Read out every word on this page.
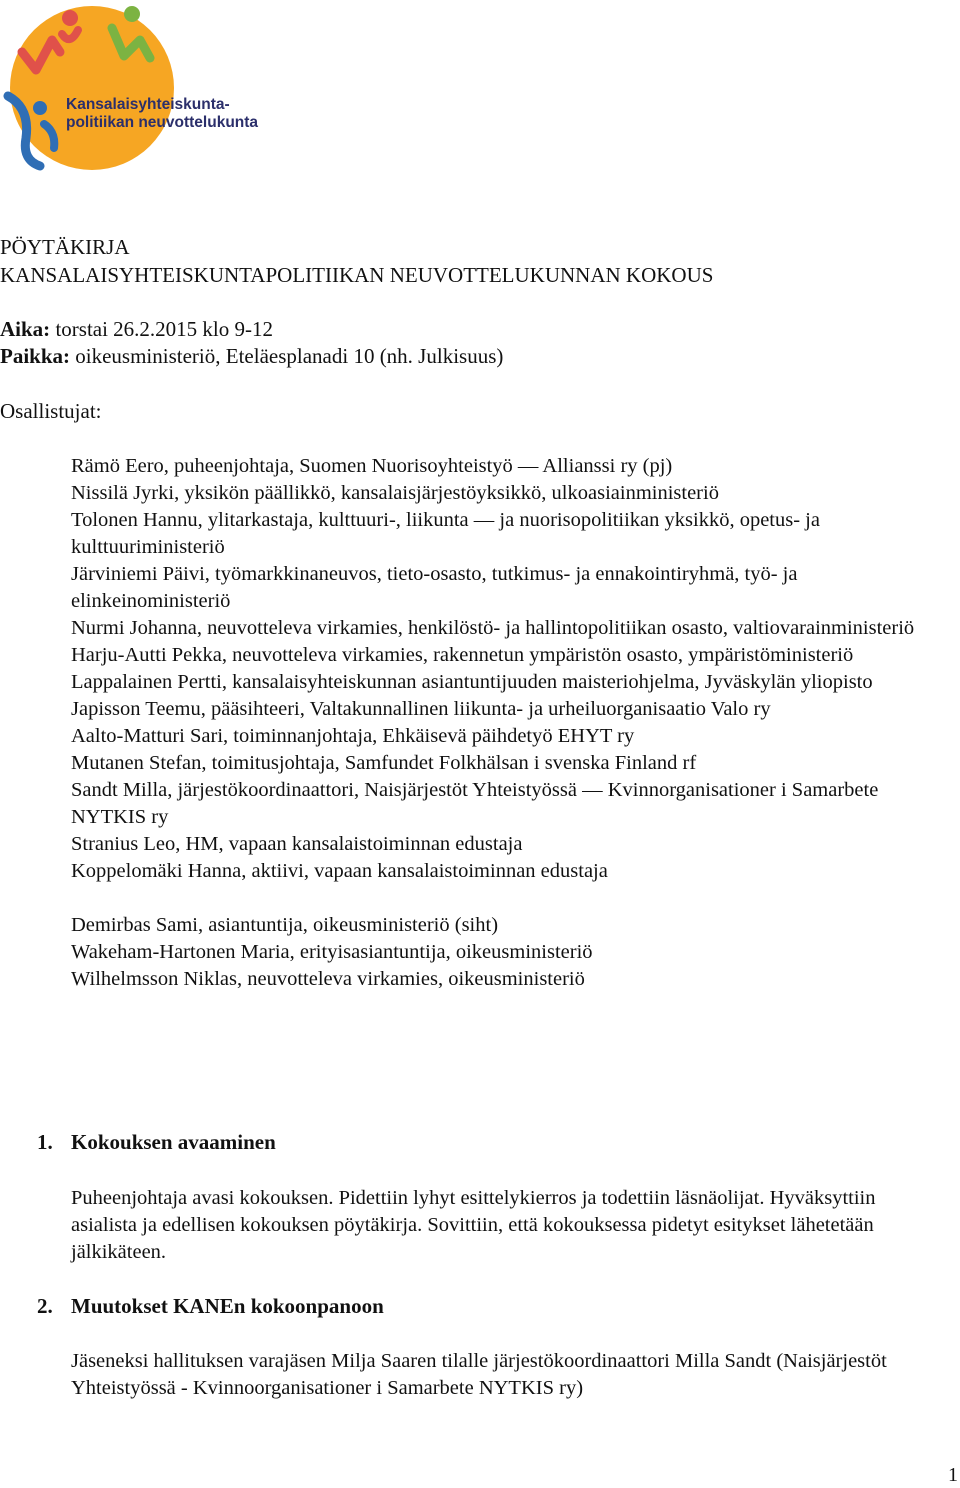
Kansalaisyhteiskunta-
politiikan neuvottelukunta
PÖYTÄKIRJA
KANSALAISYHTEISKUNTAPOLITIIKAN NEUVOTTELUKUNNAN KOKOUS
Aika: torstai 26.2.2015 klo 9-12
Paikka: oikeusministeriö, Eteläesplanadi 10 (nh. Julkisuus)
Osallistujat:
Rämö Eero, puheenjohtaja, Suomen Nuorisoyhteistyö — Allianssi ry (pj)
Nissilä Jyrki, yksikön päällikkö, kansalaisjärjestöyksikkö, ulkoasiainministeriö
Tolonen Hannu, ylitarkastaja, kulttuuri-, liikunta — ja nuorisopolitiikan yksikkö, opetus- ja kulttuuriministeriö
Järviniemi Päivi, työmarkkinaneuvos, tieto-osasto, tutkimus- ja ennakointiryhmä, työ- ja elinkeinoministeriö
Nurmi Johanna, neuvotteleva virkamies, henkilöstö- ja hallintopolitiikan osasto, valtiovarainministeriö
Harju-Autti Pekka, neuvotteleva virkamies, rakennetun ympäristön osasto, ympäristöministeriö
Lappalainen Pertti, kansalaisyhteiskunnan asiantuntijuuden maisteriohjelma, Jyväskylän yliopisto
Japisson Teemu, pääsihteeri, Valtakunnallinen liikunta- ja urheiluorganisaatio Valo ry
Aalto-Matturi Sari, toiminnanjohtaja, Ehkäisevä päihdetyö EHYT ry
Mutanen Stefan, toimitusjohtaja, Samfundet Folkhälsan i svenska Finland rf
Sandt Milla, järjestökoordinaattori, Naisjärjestöt Yhteistyössä — Kvinnorganisationer i Samarbete NYTKIS ry
Stranius Leo, HM, vapaan kansalaistoiminnan edustaja
Koppelomäki Hanna, aktiivi, vapaan kansalaistoiminnan edustaja
Demirbas Sami, asiantuntija, oikeusministeriö (siht)
Wakeham-Hartonen Maria, erityisasiantuntija, oikeusministeriö
Wilhelmsson Niklas, neuvotteleva virkamies, oikeusministeriö
1. Kokouksen avaaminen
Puheenjohtaja avasi kokouksen. Pidettiin lyhyt esittelykierros ja todettiin läsnäolijat. Hyväksyttiin asialista ja edellisen kokouksen pöytäkirja. Sovittiin, että kokouksessa pidetyt esitykset lähetetään jälkikäteen.
2. Muutokset KANEn kokoonpanoon
Jäseneksi hallituksen varajäsen Milja Saaren tilalle järjestökoordinaattori Milla Sandt (Naisjärjestöt Yhteistyössä - Kvinnoorganisationer i Samarbete NYTKIS ry)
1
